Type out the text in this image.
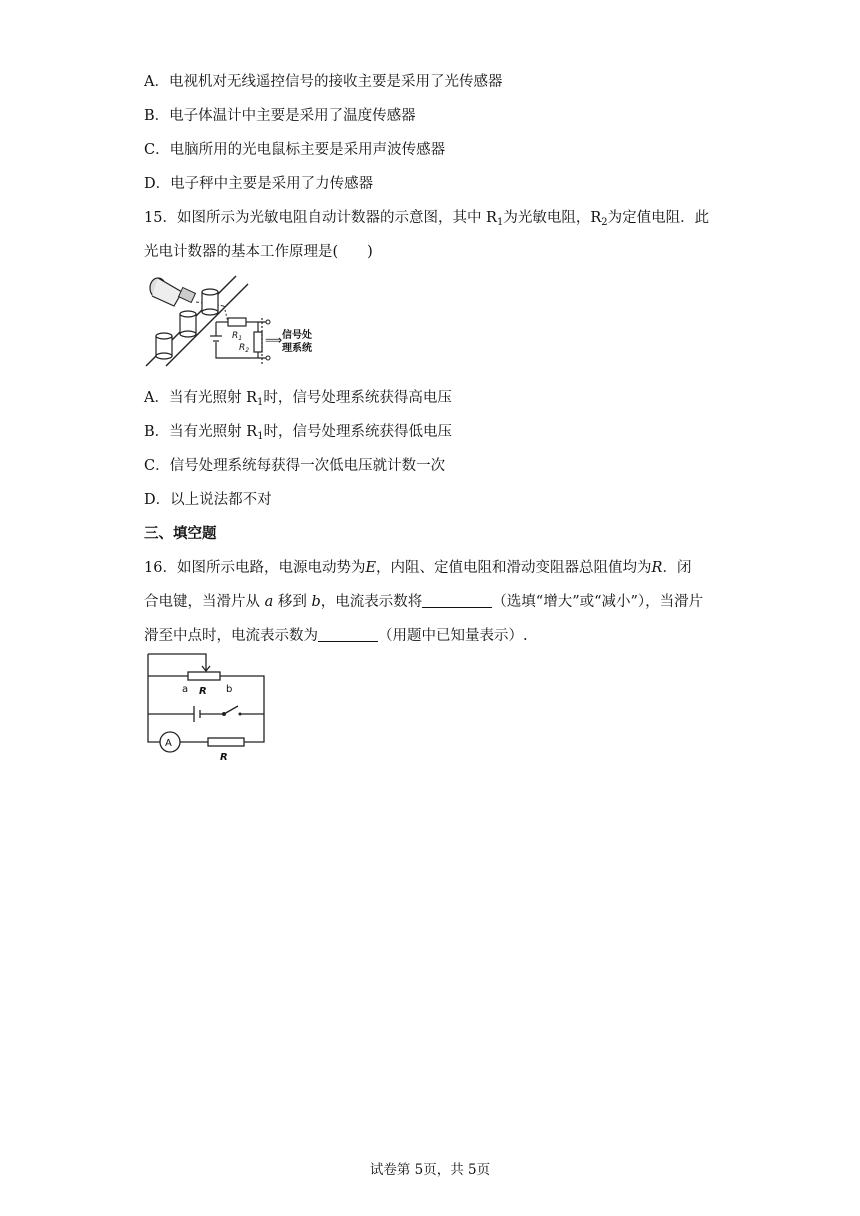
A．电视机对无线遥控信号的接收主要是采用了光传感器
B．电子体温计中主要是采用了温度传感器
C．电脑所用的光电鼠标主要是采用声波传感器
D．电子秤中主要是采用了力传感器
15．如图所示为光敏电阻自动计数器的示意图，其中 $R_1$为光敏电阻，$R_2$为定值电阻．此
光电计数器的基本工作原理是(　　)
$R_1$
$R_2$
⟹ 信号处
理系统
A．当有光照射 $R_1$时，信号处理系统获得高电压
B．当有光照射 $R_1$时，信号处理系统获得低电压
C．信号处理系统每获得一次低电压就计数一次
D．以上说法都不对
三、填空题
16．如图所示电路，电源电动势为E，内阻、定值电阻和滑动变阻器总阻值均为R．闭
合电键，当滑片从 a 移到 b，电流表示数将	（选填“增大”或“减小”），当滑片
滑至中点时，电流表示数为	（用题中已知量表示）.
a R b
A
R
试卷第 5页，共 5页
